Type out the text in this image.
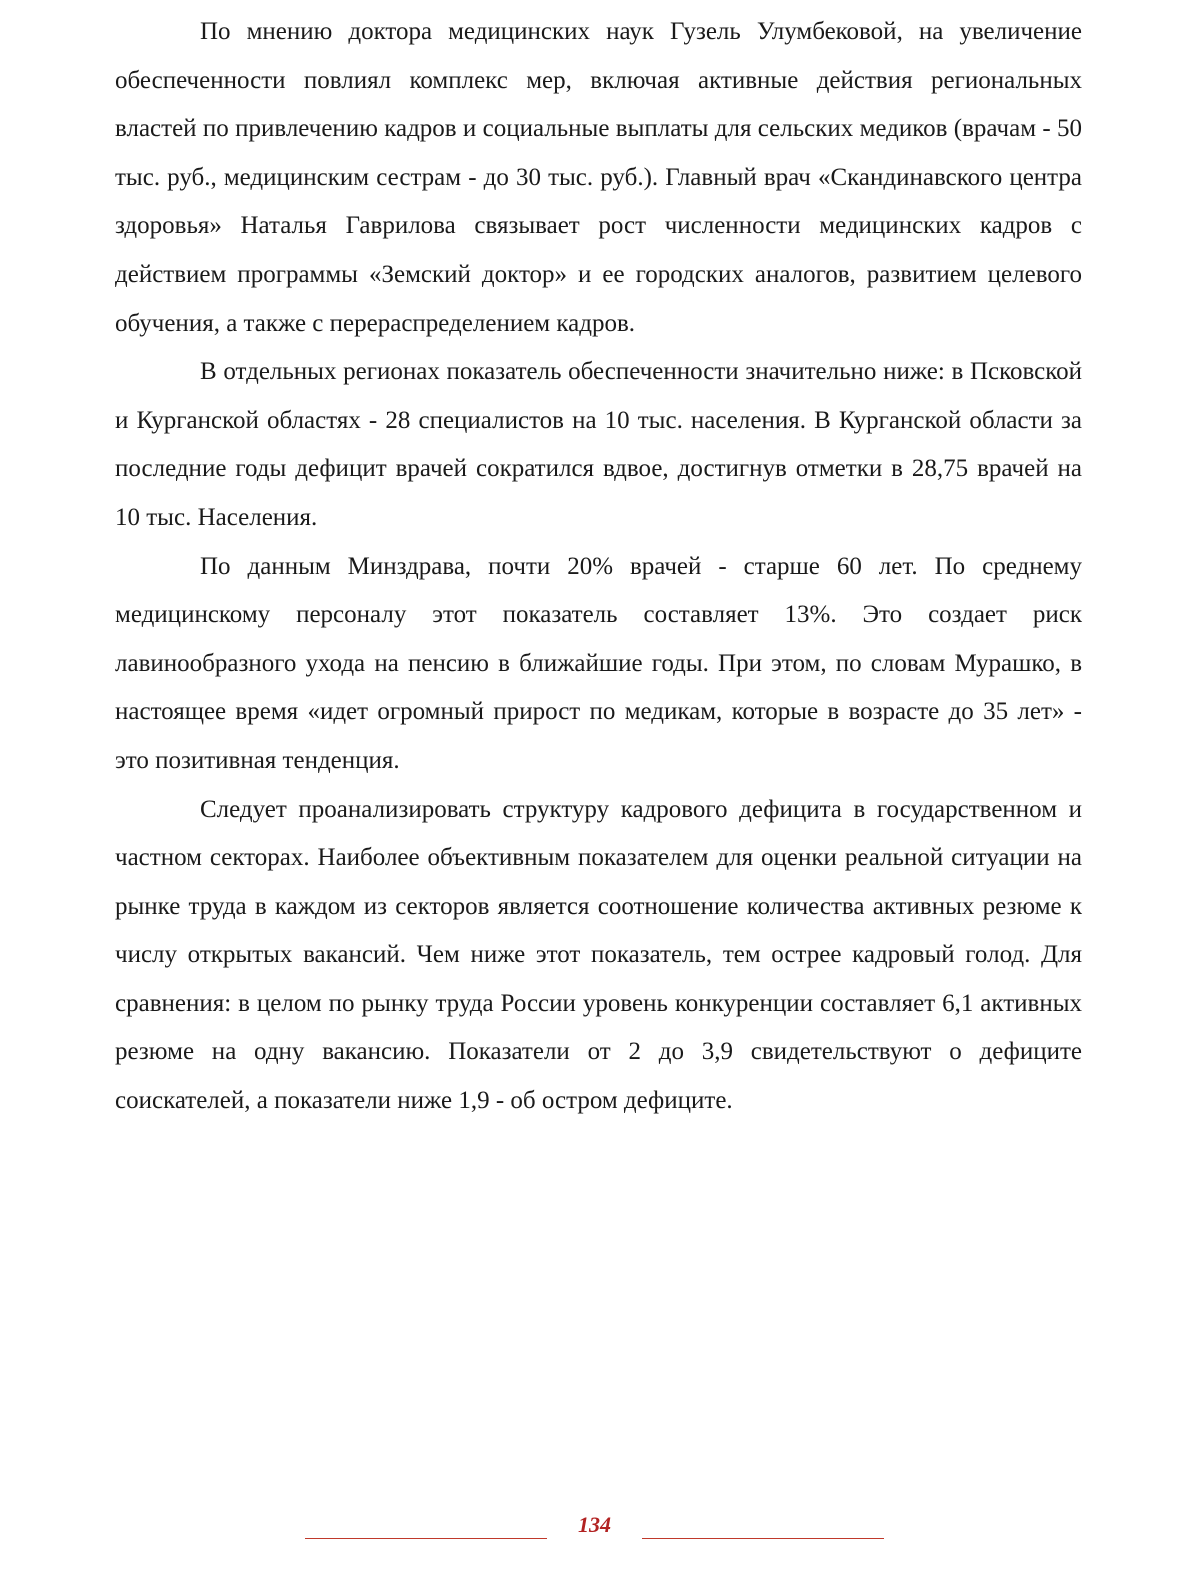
По мнению доктора медицинских наук Гузель Улумбековой, на увеличение обеспеченности повлиял комплекс мер, включая активные действия региональных властей по привлечению кадров и социальные выплаты для сельских медиков (врачам - 50 тыс. руб., медицинским сестрам - до 30 тыс. руб.). Главный врач «Скандинавского центра здоровья» Наталья Гаврилова связывает рост численности медицинских кадров с действием программы «Земский доктор» и ее городских аналогов, развитием целевого обучения, а также с перераспределением кадров.

В отдельных регионах показатель обеспеченности значительно ниже: в Псковской и Курганской областях - 28 специалистов на 10 тыс. населения. В Курганской области за последние годы дефицит врачей сократился вдвое, достигнув отметки в 28,75 врачей на 10 тыс. Населения.

По данным Минздрава, почти 20% врачей - старше 60 лет. По среднему медицинскому персоналу этот показатель составляет 13%. Это создает риск лавинообразного ухода на пенсию в ближайшие годы. При этом, по словам Мурашко, в настоящее время «идет огромный прирост по медикам, которые в возрасте до 35 лет» - это позитивная тенденция.

Следует проанализировать структуру кадрового дефицита в государственном и частном секторах. Наиболее объективным показателем для оценки реальной ситуации на рынке труда в каждом из секторов является соотношение количества активных резюме к числу открытых вакансий. Чем ниже этот показатель, тем острее кадровый голод. Для сравнения: в целом по рынку труда России уровень конкуренции составляет 6,1 активных резюме на одну вакансию. Показатели от 2 до 3,9 свидетельствуют о дефиците соискателей, а показатели ниже 1,9 - об остром дефиците.

134
